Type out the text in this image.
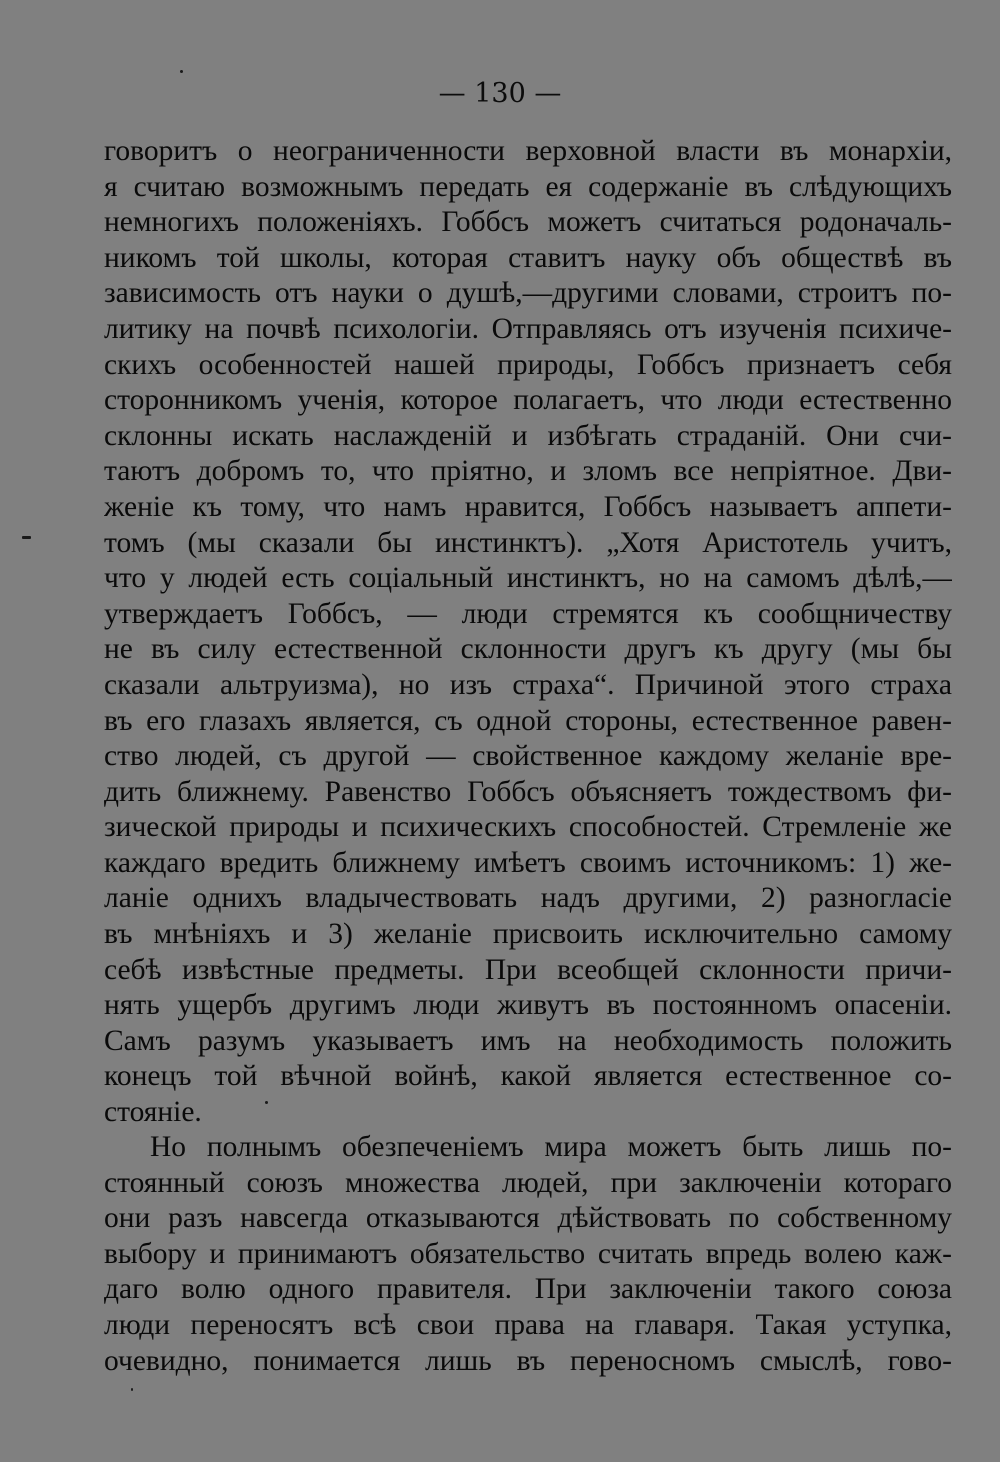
— 130 —
говоритъ о неограниченности верховной власти въ монархіи,
я считаю возможнымъ передать ея содержаніе въ слѣдующихъ
немногихъ положеніяхъ. Гоббсъ можетъ считаться родоначаль-
никомъ той школы, которая ставитъ науку объ обществѣ въ
зависимость отъ науки о душѣ,—другими словами, строитъ по-
литику на почвѣ психологіи. Отправляясь отъ изученія психиче-
скихъ особенностей нашей природы, Гоббсъ признаетъ себя
сторонникомъ ученія, которое полагаетъ, что люди естественно
склонны искать наслажденій и избѣгать страданій. Они счи-
таютъ добромъ то, что пріятно, и зломъ все непріятное. Дви-
женіе къ тому, что намъ нравится, Гоббсъ называетъ аппети-
томъ (мы сказали бы инстинктъ). „Хотя Аристотель учитъ,
что у людей есть соціальный инстинктъ, но на самомъ дѣлѣ,—
утверждаетъ Гоббсъ, — люди стремятся къ сообщничеству
не въ силу естественной склонности другъ къ другу (мы бы
сказали альтруизма), но изъ страха“. Причиной этого страха
въ его глазахъ является, съ одной стороны, естественное равен-
ство людей, съ другой — свойственное каждому желаніе вре-
дить ближнему. Равенство Гоббсъ объясняетъ тождествомъ фи-
зической природы и психическихъ способностей. Стремленіе же
каждаго вредить ближнему имѣетъ своимъ источникомъ: 1) же-
ланіе однихъ владычествовать надъ другими, 2) разногласіе
въ мнѣніяхъ и 3) желаніе присвоить исключительно самому
себѣ извѣстные предметы. При всеобщей склонности причи-
нять ущербъ другимъ люди живутъ въ постоянномъ опасеніи.
Самъ разумъ указываетъ имъ на необходимость положить
конецъ той вѣчной войнѣ, какой является естественное со-
стояніе.
Но полнымъ обезпеченіемъ мира можетъ быть лишь по-
стоянный союзъ множества людей, при заключеніи котораго
они разъ навсегда отказываются дѣйствовать по собственному
выбору и принимаютъ обязательство считать впредь волею каж-
даго волю одного правителя. При заключеніи такого союза
люди переносятъ всѣ свои права на главаря. Такая уступка,
очевидно, понимается лишь въ переносномъ смыслѣ, гово-
